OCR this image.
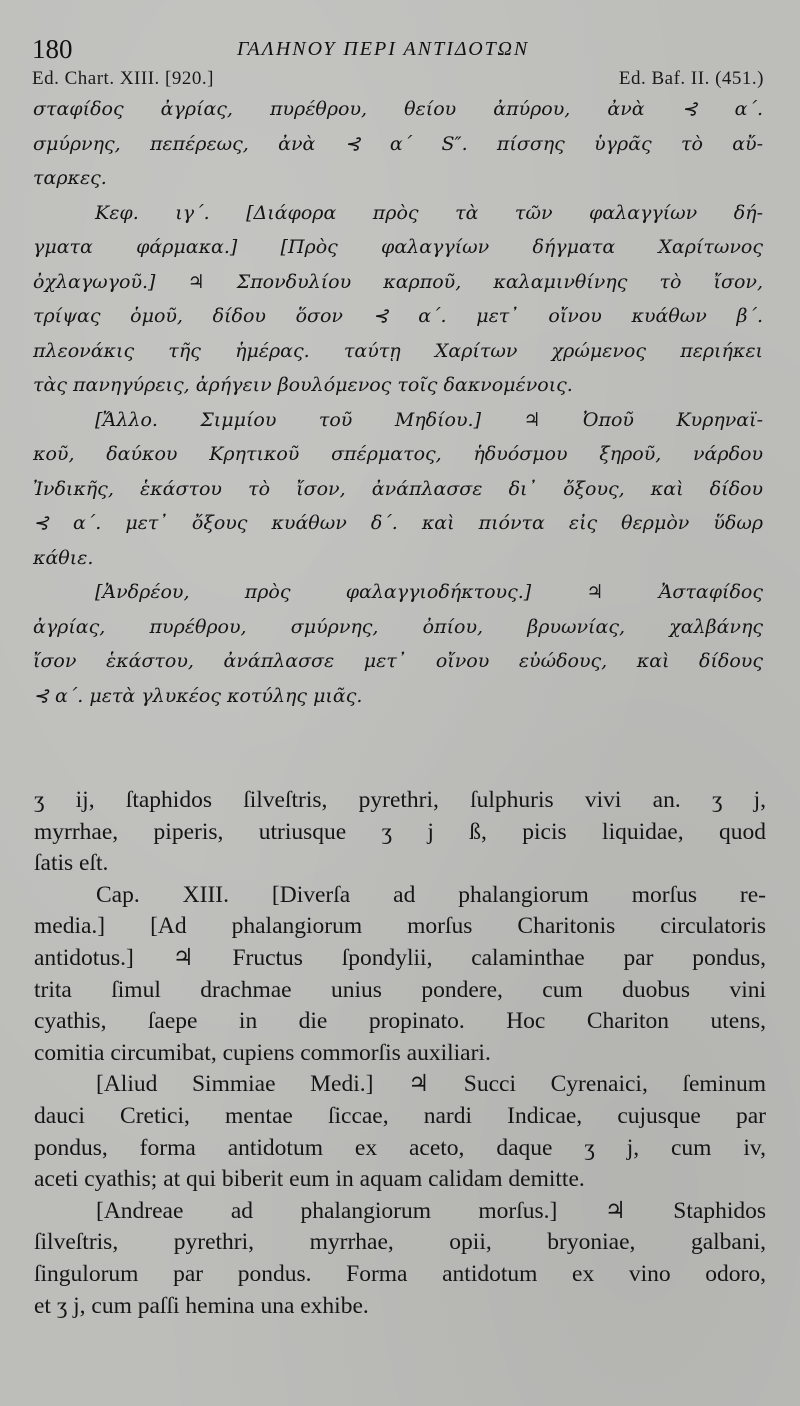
180	ΓΑΛΗΝΟΥ ΠΕΡΙ ΑΝΤΙΔΟΤΩΝ
Ed. Chart. XIII. [920.]	Ed. Baf. II. (451.)
σταφίδος ἀγρίας, πυρέθρου, θείου ἀπύρου, ἀνὰ ⊰ α΄.
σμύρνης, πεπέρεως, ἀνὰ ⊰ α΄ S″. πίσσης ὑγρᾶς τὸ αὔ-
ταρκες.
Κεφ. ιγ΄. [Διάφορα πρὸς τὰ τῶν φαλαγγίων δή-
γματα φάρμακα.] [Πρὸς φαλαγγίων δήγματα Χαρίτωνος
ὀχλαγωγοῦ.] ♃ Σπονδυλίου καρποῦ, καλαμινθίνης τὸ ἴσον,
τρίψας ὁμοῦ, δίδου ὅσον ⊰ α΄. μετ᾽ οἴνου κυάθων β΄.
πλεονάκις τῆς ἡμέρας. ταύτῃ Χαρίτων χρώμενος περιήκει
τὰς πανηγύρεις, ἀρήγειν βουλόμενος τοῖς δακνομένοις.
[Ἄλλο. Σιμμίου τοῦ Μηδίου.] ♃ Ὀποῦ Κυρηναϊ-
κοῦ, δαύκου Κρητικοῦ σπέρματος, ἡδυόσμου ξηροῦ, νάρδου
Ἰνδικῆς, ἑκάστου τὸ ἴσον, ἀνάπλασσε δι᾽ ὄξους, καὶ δίδου
⊰ α΄. μετ᾽ ὄξους κυάθων δ΄. καὶ πιόντα εἰς θερμὸν ὕδωρ
κάθιε.
[Ἀνδρέου, πρὸς φαλαγγιοδήκτους.] ♃ Ἀσταφίδος
ἀγρίας, πυρέθρου, σμύρνης, ὀπίου, βρυωνίας, χαλβάνης
ἴσον ἑκάστου, ἀνάπλασσε μετ᾽ οἴνου εὐώδους, καὶ δίδους
⊰ α΄. μετὰ γλυκέος κοτύλης μιᾶς.
ʒ ij, ſtaphidos ſilveſtris, pyrethri, ſulphuris vivi an. ʒ j,
myrrhae, piperis, utriusque ʒ j ß, picis liquidae, quod
ſatis eſt.
Cap. XIII. [Diverſa ad phalangiorum morſus re-
media.] [Ad phalangiorum morſus Charitonis circulatoris
antidotus.] ♃ Fructus ſpondylii, calaminthae par pondus,
trita ſimul drachmae unius pondere, cum duobus vini
cyathis, ſaepe in die propinato. Hoc Chariton utens,
comitia circumibat, cupiens commorſis auxiliari.
[Aliud Simmiae Medi.] ♃ Succi Cyrenaici, ſeminum
dauci Cretici, mentae ſiccae, nardi Indicae, cujusque par
pondus, forma antidotum ex aceto, daque ʒ j, cum iv,
aceti cyathis; at qui biberit eum in aquam calidam demitte.
[Andreae ad phalangiorum morſus.] ♃ Staphidos
ſilveſtris, pyrethri, myrrhae, opii, bryoniae, galbani,
ſingulorum par pondus. Forma antidotum ex vino odoro,
et ʒ j, cum paſſi hemina una exhibe.
